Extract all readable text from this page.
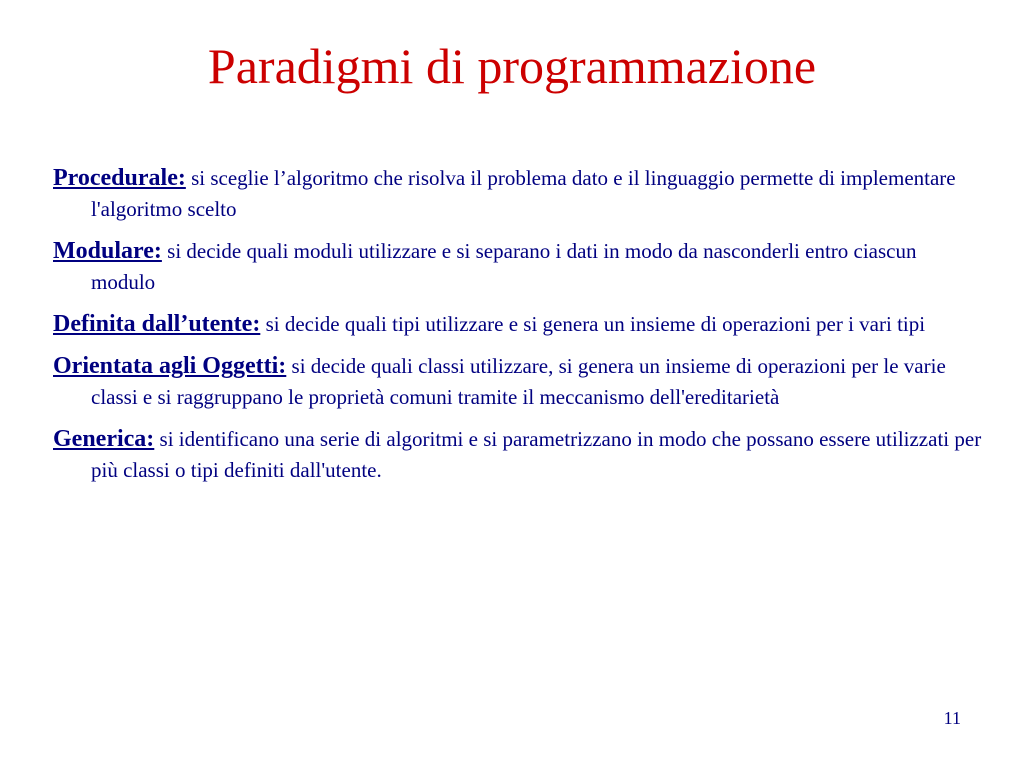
Paradigmi di programmazione

Procedurale: si sceglie l’algoritmo che risolva il problema dato e il linguaggio permette di implementare l'algoritmo scelto

Modulare: si decide quali moduli utilizzare e si separano i dati in modo da nasconderli entro ciascun modulo

Definita dall’utente: si decide quali tipi utilizzare e si genera un insieme di operazioni per i vari tipi

Orientata agli Oggetti: si decide quali classi utilizzare, si genera un insieme di operazioni per le varie classi e si raggruppano le proprietà comuni tramite il meccanismo dell'ereditarietà

Generica: si identificano una serie di algoritmi e si parametrizzano in modo che possano essere utilizzati per più classi o tipi definiti dall'utente.

11
